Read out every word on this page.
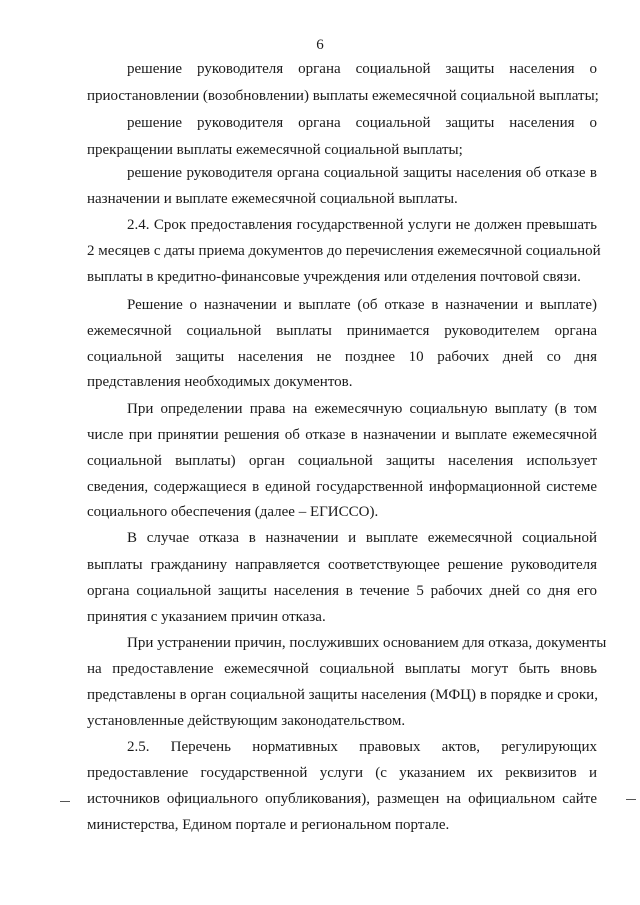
6
решение руководителя органа социальной защиты населения о
приостановлении (возобновлении) выплаты ежемесячной социальной выплаты;
решение руководителя органа социальной защиты населения о
прекращении выплаты ежемесячной социальной выплаты;
решение руководителя органа социальной защиты населения об отказе в
назначении и выплате ежемесячной социальной выплаты.
2.4. Срок предоставления государственной услуги не должен превышать
2 месяцев с даты приема документов до перечисления ежемесячной социальной
выплаты в кредитно-финансовые учреждения или отделения почтовой связи.
Решение о назначении и выплате (об отказе в назначении и выплате)
ежемесячной социальной выплаты принимается руководителем органа
социальной защиты населения не позднее 10 рабочих дней со дня
представления необходимых документов.
При определении права на ежемесячную социальную выплату (в том
числе при принятии решения об отказе в назначении и выплате ежемесячной
социальной выплаты) орган социальной защиты населения использует
сведения, содержащиеся в единой государственной информационной системе
социального обеспечения (далее – ЕГИССО).
В случае отказа в назначении и выплате ежемесячной социальной
выплаты гражданину направляется соответствующее решение руководителя
органа социальной защиты населения в течение 5 рабочих дней со дня его
принятия с указанием причин отказа.
При устранении причин, послуживших основанием для отказа, документы
на предоставление ежемесячной социальной выплаты могут быть вновь
представлены в орган социальной защиты населения (МФЦ) в порядке и сроки,
установленные действующим законодательством.
2.5. Перечень нормативных правовых актов, регулирующих
предоставление государственной услуги (с указанием их реквизитов и
источников официального опубликования), размещен на официальном сайте
министерства, Едином портале и региональном портале.
